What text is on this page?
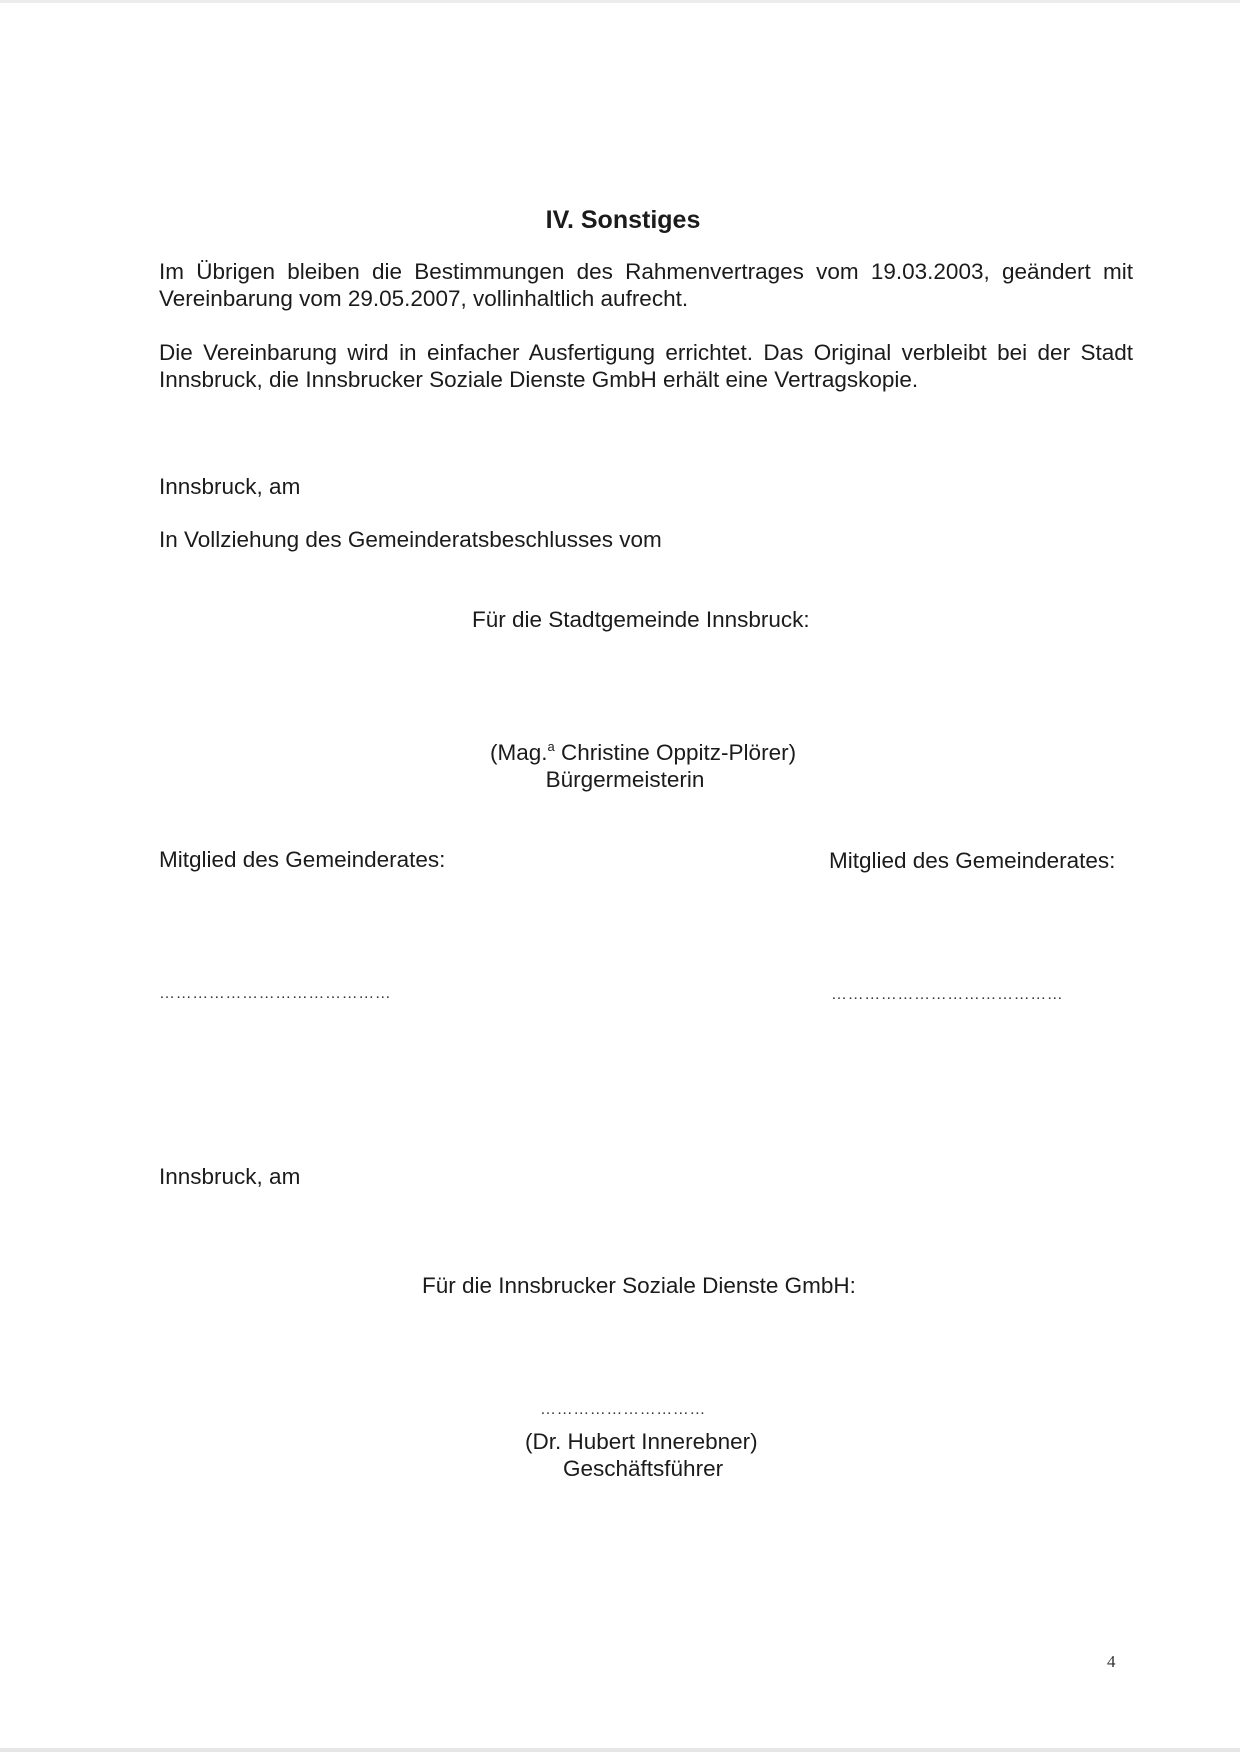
IV. Sonstiges
Im Übrigen bleiben die Bestimmungen des Rahmenvertrages vom 19.03.2003, geändert mit
Vereinbarung vom 29.05.2007, vollinhaltlich aufrecht.
Die Vereinbarung wird in einfacher Ausfertigung errichtet. Das Original verbleibt bei der Stadt
Innsbruck, die Innsbrucker Soziale Dienste GmbH erhält eine Vertragskopie.
Innsbruck, am
In Vollziehung des Gemeinderatsbeschlusses vom
Für die Stadtgemeinde Innsbruck:
(Mag.$^a$ Christine Oppitz-Plörer)
Bürgermeisterin
Mitglied des Gemeinderates:	Mitglied des Gemeinderates:
……………………………………	……………………………………
Innsbruck, am
Für die Innsbrucker Soziale Dienste GmbH:
…………………………
(Dr. Hubert Innerebner)
Geschäftsführer
4
